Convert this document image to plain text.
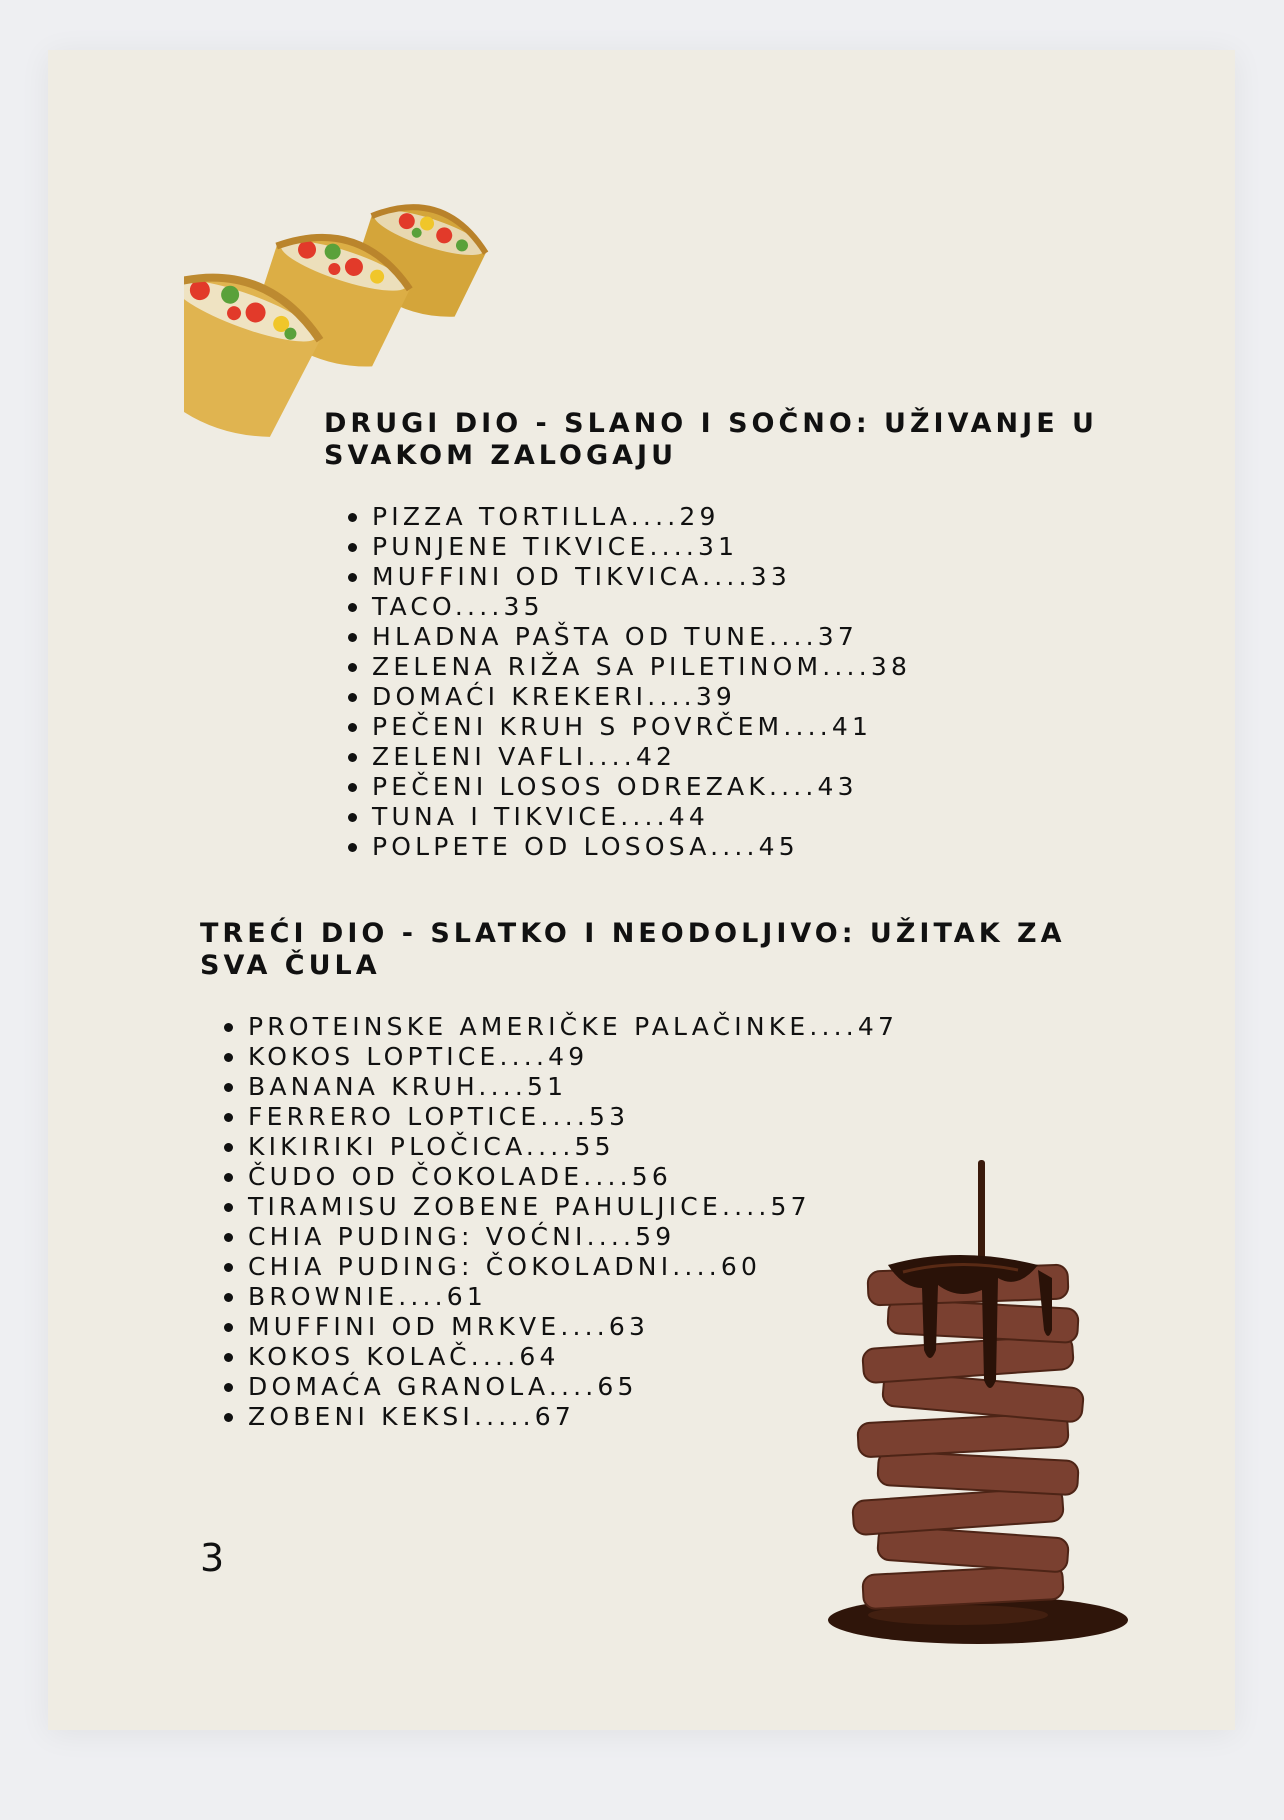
DRUGI DIO - SLANO I SOČNO: UŽIVANJE U
SVAKOM ZALOGAJU
PIZZA TORTILLA....29
PUNJENE TIKVICE....31
MUFFINI OD TIKVICA....33
TACO....35
HLADNA PAŠTA OD TUNE....37
ZELENA RIŽA SA PILETINOM....38
DOMAĆI KREKERI....39
PEČENI KRUH S POVRČEM....41
ZELENI VAFLI....42
PEČENI LOSOS ODREZAK....43
TUNA I TIKVICE....44
POLPETE OD LOSOSA....45
TREĆI DIO - SLATKO I NEODOLJIVO: UŽITAK ZA
SVA ČULA
PROTEINSKE AMERIČKE PALAČINKE....47
KOKOS LOPTICE....49
BANANA KRUH....51
FERRERO LOPTICE....53
KIKIRIKI PLOČICA....55
ČUDO OD ČOKOLADE....56
TIRAMISU ZOBENE PAHULJICE....57
CHIA PUDING: VOĆNI....59
CHIA PUDING: ČOKOLADNI....60
BROWNIE....61
MUFFINI OD MRKVE....63
KOKOS KOLAČ....64
DOMAĆA GRANOLA....65
ZOBENI KEKSI.....67
3
